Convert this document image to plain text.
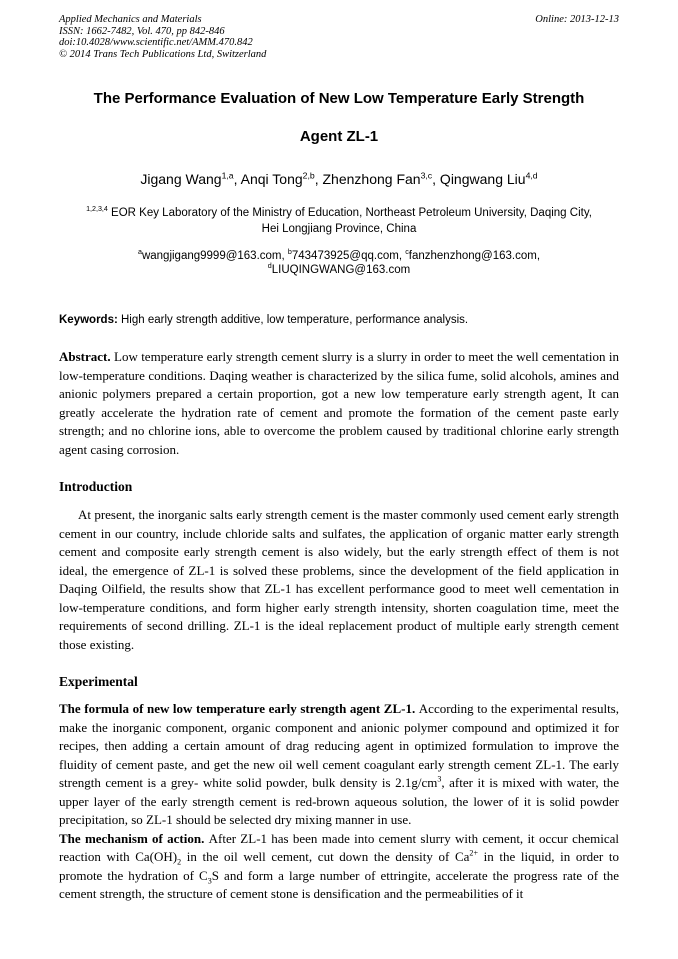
Applied Mechanics and Materials
ISSN: 1662-7482, Vol. 470, pp 842-846
doi:10.4028/www.scientific.net/AMM.470.842
© 2014 Trans Tech Publications Ltd, Switzerland
Online: 2013-12-13
The Performance Evaluation of New Low Temperature Early Strength
Agent ZL-1
Jigang Wang$^{1,a}$, Anqi Tong$^{2,b}$, Zhenzhong Fan$^{3,c}$, Qingwang Liu$^{4,d}$
$^{1,2,3,4}$ EOR Key Laboratory of the Ministry of Education, Northeast Petroleum University, Daqing City,
Hei Longjiang Province, China
$^a$wangjigang9999@163.com, $^b$743473925@qq.com, $^c$fanzhenzhong@163.com,
$^d$LIUQINGWANG@163.com
Keywords: High early strength additive, low temperature, performance analysis.

Abstract. Low temperature early strength cement slurry is a slurry in order to meet the well cementation in low-temperature conditions. Daqing weather is characterized by the silica fume, solid alcohols, amines and anionic polymers prepared a certain proportion, got a new low temperature early strength agent, It can greatly accelerate the hydration rate of cement and promote the formation of the cement paste early strength; and no chlorine ions, able to overcome the problem caused by traditional chlorine early strength agent casing corrosion.

Introduction

At present, the inorganic salts early strength cement is the master commonly used cement early strength cement in our country, include chloride salts and sulfates, the application of organic matter early strength cement and composite early strength cement is also widely, but the early strength effect of them is not ideal, the emergence of ZL-1 is solved these problems, since the development of the field application in Daqing Oilfield, the results show that ZL-1 has excellent performance good to meet well cementation in low-temperature conditions, and form higher early strength intensity, shorten coagulation time, meet the requirements of second drilling. ZL-1 is the ideal replacement product of multiple early strength cement those existing.

Experimental

The formula of new low temperature early strength agent ZL-1. According to the experimental results, make the inorganic component, organic component and anionic polymer compound and optimized it for recipes, then adding a certain amount of drag reducing agent in optimized formulation to improve the fluidity of cement paste, and get the new oil well cement coagulant early strength cement ZL-1. The early strength cement is a grey- white solid powder, bulk density is $2.1g/cm^3$, after it is mixed with water, the upper layer of the early strength cement is red-brown aqueous solution, the lower of it is solid powder precipitation, so ZL-1 should be selected dry mixing manner in use.

The mechanism of action. After ZL-1 has been made into cement slurry with cement, it occur chemical reaction with $Ca(OH)_2$ in the oil well cement, cut down the density of $Ca^{2+}$ in the liquid, in order to promote the hydration of $C_3S$ and form a large number of ettringite, accelerate the progress rate of the cement strength, the structure of cement stone is densification and the permeabilities of it
